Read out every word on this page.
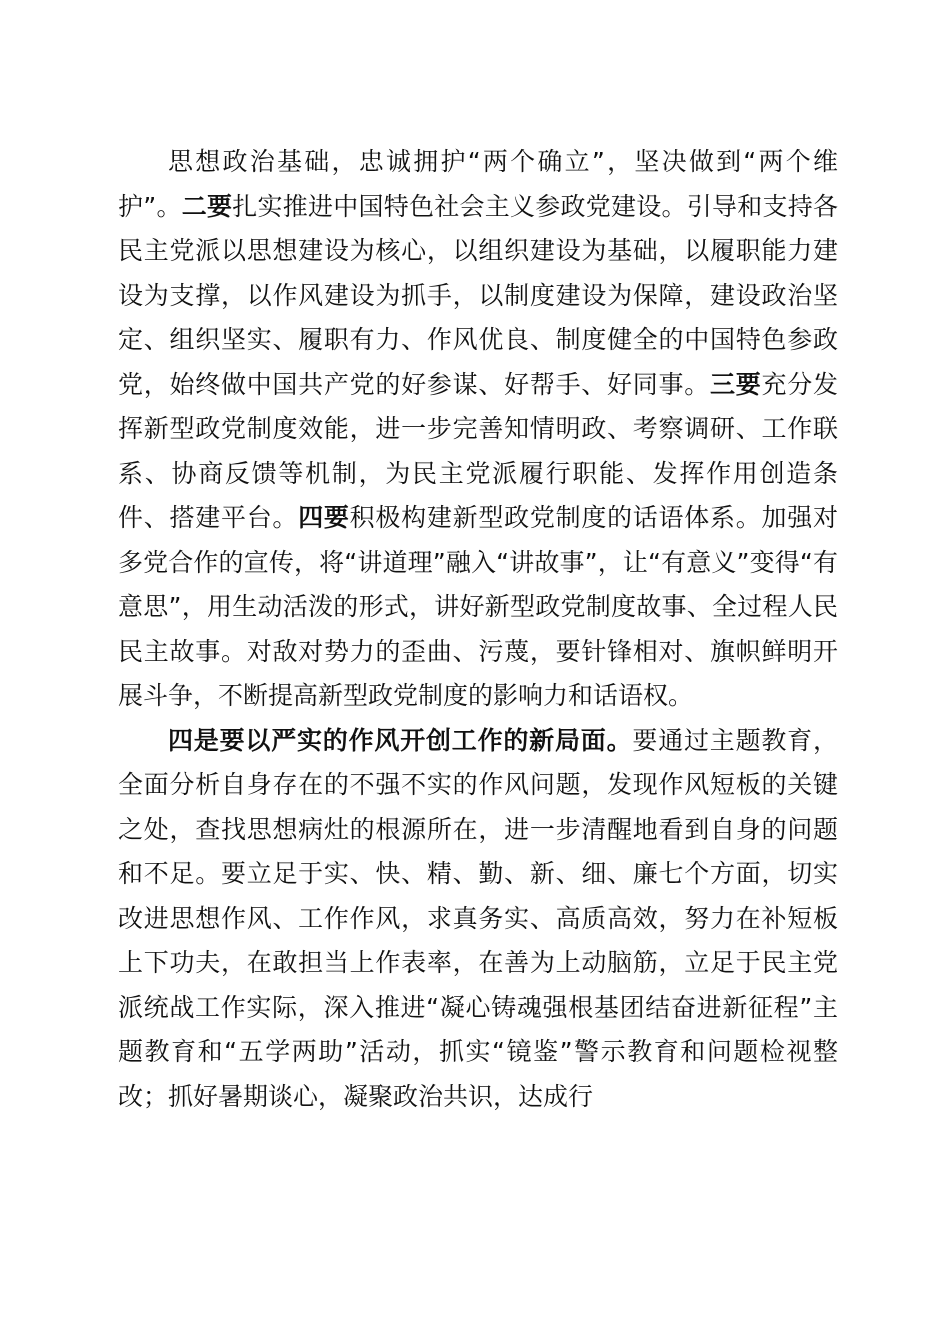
思想政治基础，忠诚拥护“两个确立”，坚决做到“两个维护”。二要扎实推进中国特色社会主义参政党建设。引导和支持各民主党派以思想建设为核心，以组织建设为基础，以履职能力建设为支撑，以作风建设为抓手，以制度建设为保障，建设政治坚定、组织坚实、履职有力、作风优良、制度健全的中国特色参政党，始终做中国共产党的好参谋、好帮手、好同事。三要充分发挥新型政党制度效能，进一步完善知情明政、考察调研、工作联系、协商反馈等机制，为民主党派履行职能、发挥作用创造条件、搭建平台。四要积极构建新型政党制度的话语体系。加强对多党合作的宣传，将“讲道理”融入“讲故事”，让“有意义”变得“有意思”，用生动活泼的形式，讲好新型政党制度故事、全过程人民民主故事。对敌对势力的歪曲、污蔑，要针锋相对、旗帜鲜明开展斗争，不断提高新型政党制度的影响力和话语权。

四是要以严实的作风开创工作的新局面。要通过主题教育，全面分析自身存在的不强不实的作风问题，发现作风短板的关键之处，查找思想病灶的根源所在，进一步清醒地看到自身的问题和不足。要立足于实、快、精、勤、新、细、廉七个方面，切实改进思想作风、工作作风，求真务实、高质高效，努力在补短板上下功夫，在敢担当上作表率，在善为上动脑筋，立足于民主党派统战工作实际，深入推进“凝心铸魂强根基团结奋进新征程”主题教育和“五学两助”活动，抓实“镜鉴”警示教育和问题检视整改；抓好暑期谈心，凝聚政治共识，达成行
